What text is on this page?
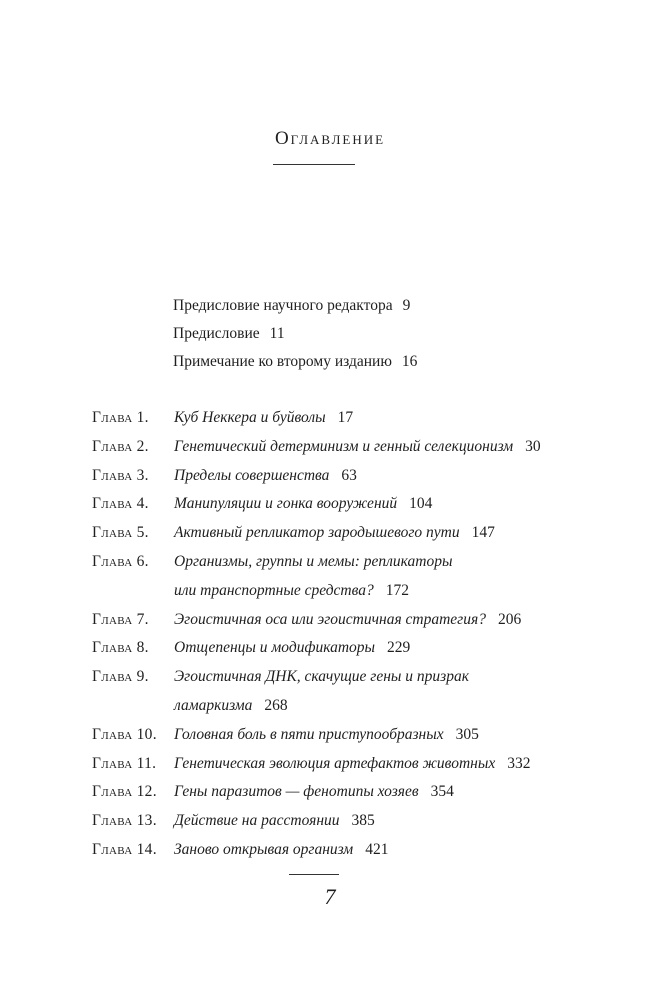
Оглавление
Предисловие научного редактора 9
Предисловие 11
Примечание ко второму изданию 16
Глава 1.	Куб Неккера и буйволы 17
Глава 2.	Генетический детерминизм и генный селекционизм 30
Глава 3.	Пределы совершенства 63
Глава 4.	Манипуляции и гонка вооружений 104
Глава 5.	Активный репликатор зародышевого пути 147
Глава 6.	Организмы, группы и мемы: репликаторы
или транспортные средства? 172
Глава 7.	Эгоистичная оса или эгоистичная стратегия? 206
Глава 8.	Отщепенцы и модификаторы 229
Глава 9.	Эгоистичная ДНК, скачущие гены и призрак
ламаркизма 268
Глава 10.	Головная боль в пяти приступообразных 305
Глава 11.	Генетическая эволюция артефактов животных 332
Глава 12.	Гены паразитов — фенотипы хозяев 354
Глава 13.	Действие на расстоянии 385
Глава 14.	Заново открывая организм 421
7
